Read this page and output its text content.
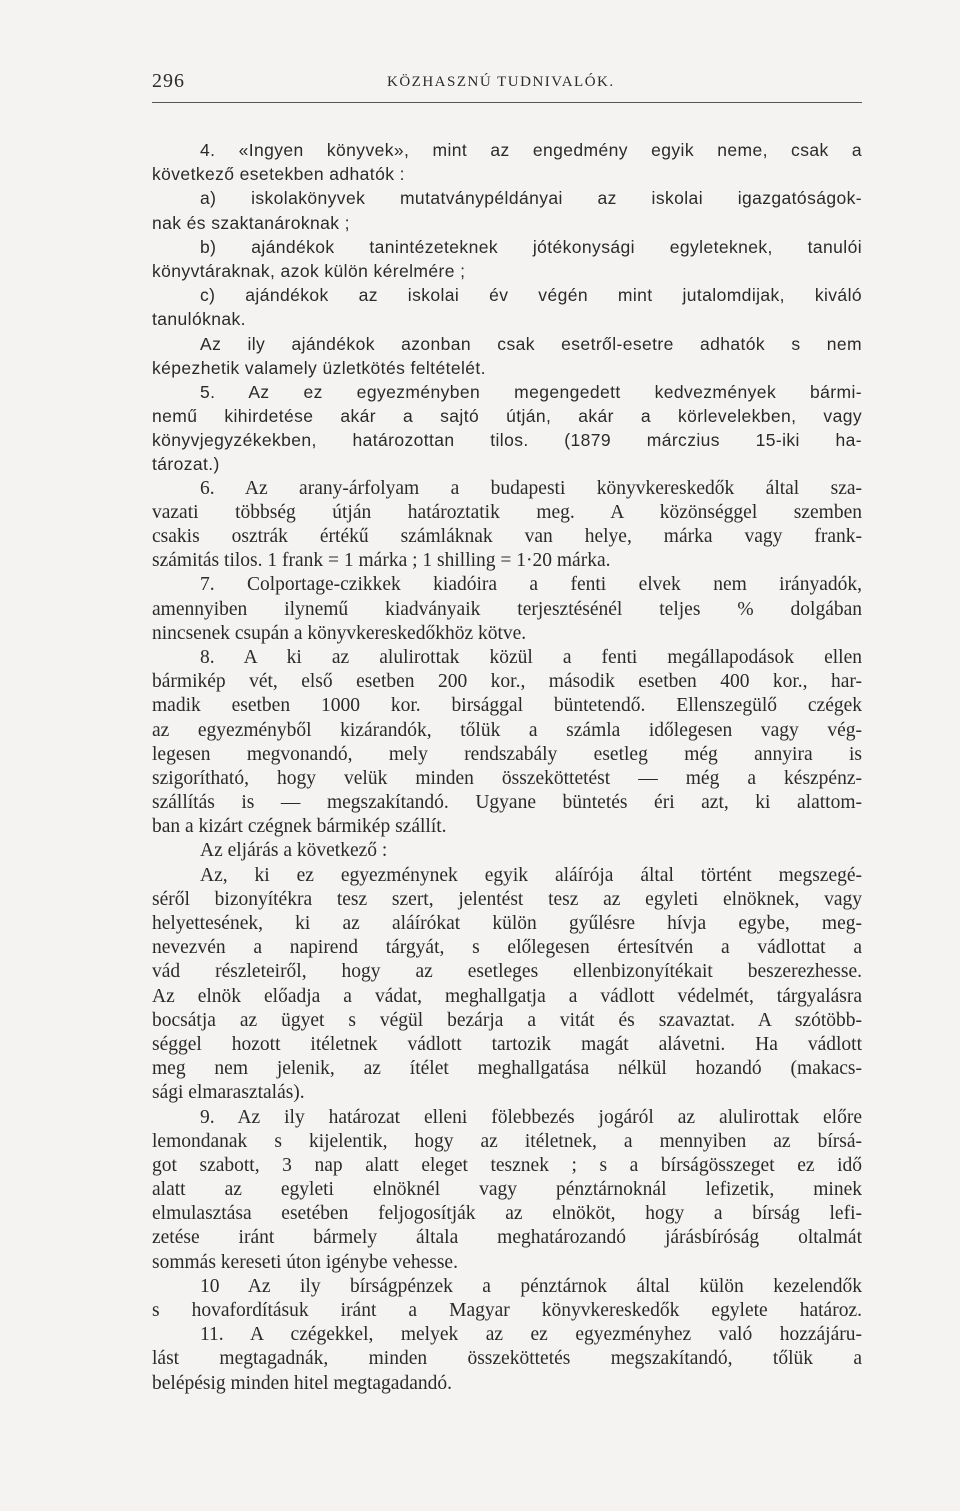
296	KÖZHASZNÚ TUDNIVALÓK.
4. «Ingyen könyvek», mint az engedmény egyik neme, csak a
következő esetekben adhatók :
a) iskolakönyvek mutatványpéldányai az iskolai igazgatóságok-
nak és szaktanároknak ;
b) ajándékok tanintézeteknek jótékonysági egyleteknek, tanulói
könyvtáraknak, azok külön kérelmére ;
c) ajándékok az iskolai év végén mint jutalomdijak, kiváló
tanulóknak.
Az ily ajándékok azonban csak esetről-esetre adhatók s nem
képezhetik valamely üzletkötés feltételét.
5. Az ez egyezményben megengedett kedvezmények bármi-
nemű kihirdetése akár a sajtó útján, akár a körlevelekben, vagy
könyvjegyzékekben, határozottan tilos. (1879 márczius 15-iki ha-
tározat.)
6. Az arany-árfolyam a budapesti könyvkereskedők által sza-
vazati többség útján határoztatik meg. A közönséggel szemben
csakis osztrák értékű számláknak van helye, márka vagy frank-
számitás tilos. 1 frank = 1 márka ; 1 shilling = 1·20 márka.
7. Colportage-czikkek kiadóira a fenti elvek nem irányadók,
amennyiben ilynemű kiadványaik terjesztésénél teljes % dolgában
nincsenek csupán a könyvkereskedőkhöz kötve.
8. A ki az alulirottak közül a fenti megállapodások ellen
bármikép vét, első esetben 200 kor., második esetben 400 kor., har-
madik esetben 1000 kor. birsággal büntetendő. Ellenszegülő czégek
az egyezményből kizárandók, tőlük a számla időlegesen vagy vég-
legesen megvonandó, mely rendszabály esetleg még annyira is
szigorítható, hogy velük minden összeköttetést — még a készpénz-
szállítás is — megszakítandó. Ugyane büntetés éri azt, ki alattom-
ban a kizárt czégnek bármikép szállít.
Az eljárás a következő :
Az, ki ez egyezménynek egyik aláírója által történt megszegé-
séről bizonyítékra tesz szert, jelentést tesz az egyleti elnöknek, vagy
helyettesének, ki az aláírókat külön gyűlésre hívja egybe, meg-
nevezvén a napirend tárgyát, s előlegesen értesítvén a vádlottat a
vád részleteiről, hogy az esetleges ellenbizonyítékait beszerezhesse.
Az elnök előadja a vádat, meghallgatja a vádlott védelmét, tárgyalásra
bocsátja az ügyet s végül bezárja a vitát és szavaztat. A szótöbb-
séggel hozott itéletnek vádlott tartozik magát alávetni. Ha vádlott
meg nem jelenik, az ítélet meghallgatása nélkül hozandó (makacs-
sági elmarasztalás).
9. Az ily határozat elleni fölebbezés jogáról az alulirottak előre
lemondanak s kijelentik, hogy az itéletnek, a mennyiben az bírsá-
got szabott, 3 nap alatt eleget tesznek ; s a bírságösszeget ez idő
alatt az egyleti elnöknél vagy pénztárnoknál lefizetik, minek
elmulasztása esetében feljogosítják az elnököt, hogy a bírság lefi-
zetése iránt bármely általa meghatározandó járásbíróság oltalmát
sommás kereseti úton igénybe vehesse.
10 Az ily bírságpénzek a pénztárnok által külön kezelendők
s hovafordításuk iránt a Magyar könyvkereskedők egylete határoz.
11. A czégekkel, melyek az ez egyezményhez való hozzájáru-
lást megtagadnák, minden összeköttetés megszakítandó, tőlük a
belépésig minden hitel megtagadandó.
